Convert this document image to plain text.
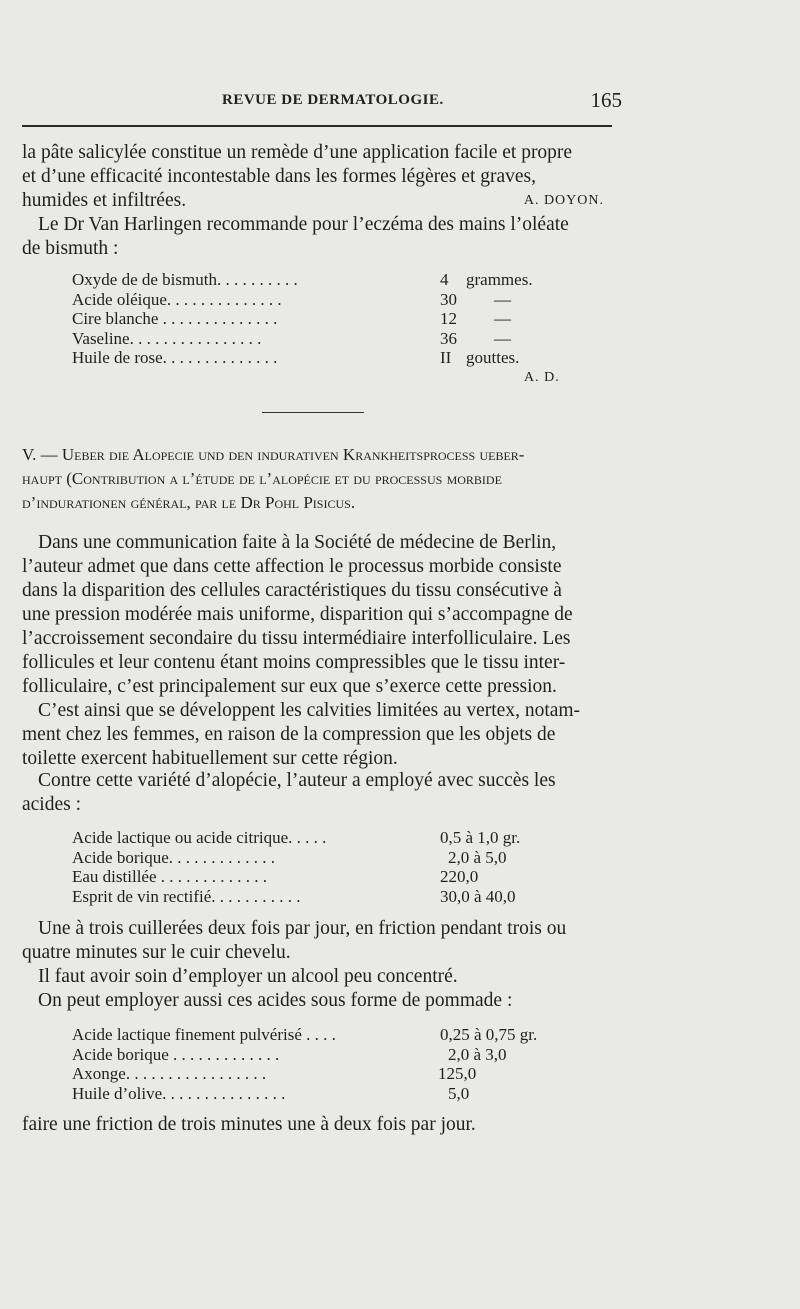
REVUE DE DERMATOLOGIE.	165
la pâte salicylée constitue un remède d’une application facile et propre
et d’une efficacité incontestable dans les formes légères et graves,
humides et infiltrées.	A. DOYON.
Le Dr Van Harlingen recommande pour l’eczéma des mains l’oléate
de bismuth :
Oxyde de de bismuth. . . . . . . . . .	4 grammes.
Acide oléique. . . . . . . . . . . . . .	30 —
Cire blanche . . . . . . . . . . . . . .	12 —
Vaseline. . . . . . . . . . . . . . . .	36 —
Huile de rose. . . . . . . . . . . . . .	II gouttes.
A. D.
V. — Ueber die Alopecie und den indurativen Krankheitsprocess ueber-
haupt (Contribution a l’étude de l’alopécie et du processus morbide
d’indurationen général, par le Dr Pohl Pisicus.
Dans une communication faite à la Société de médecine de Berlin,
l’auteur admet que dans cette affection le processus morbide consiste
dans la disparition des cellules caractéristiques du tissu consécutive à
une pression modérée mais uniforme, disparition qui s’accompagne de
l’accroissement secondaire du tissu intermédiaire interfolliculaire. Les
follicules et leur contenu étant moins compressibles que le tissu inter-
folliculaire, c’est principalement sur eux que s’exerce cette pression.
C’est ainsi que se développent les calvities limitées au vertex, notam-
ment chez les femmes, en raison de la compression que les objets de
toilette exercent habituellement sur cette région.
Contre cette variété d’alopécie, l’auteur a employé avec succès les
acides :
Acide lactique ou acide citrique. . . . .	0,5 à 1,0 gr.
Acide borique. . . . . . . . . . . . .	2,0 à 5,0
Eau distillée . . . . . . . . . . . . .	220,0
Esprit de vin rectifié. . . . . . . . . . .	30,0 à 40,0
Une à trois cuillerées deux fois par jour, en friction pendant trois ou
quatre minutes sur le cuir chevelu.
Il faut avoir soin d’employer un alcool peu concentré.
On peut employer aussi ces acides sous forme de pommade :
Acide lactique finement pulvérisé . . . .	0,25 à 0,75 gr.
Acide borique . . . . . . . . . . . . .	2,0 à 3,0
Axonge. . . . . . . . . . . . . . . . .	125,0
Huile d’olive. . . . . . . . . . . . . . .	5,0
faire une friction de trois minutes une à deux fois par jour.
